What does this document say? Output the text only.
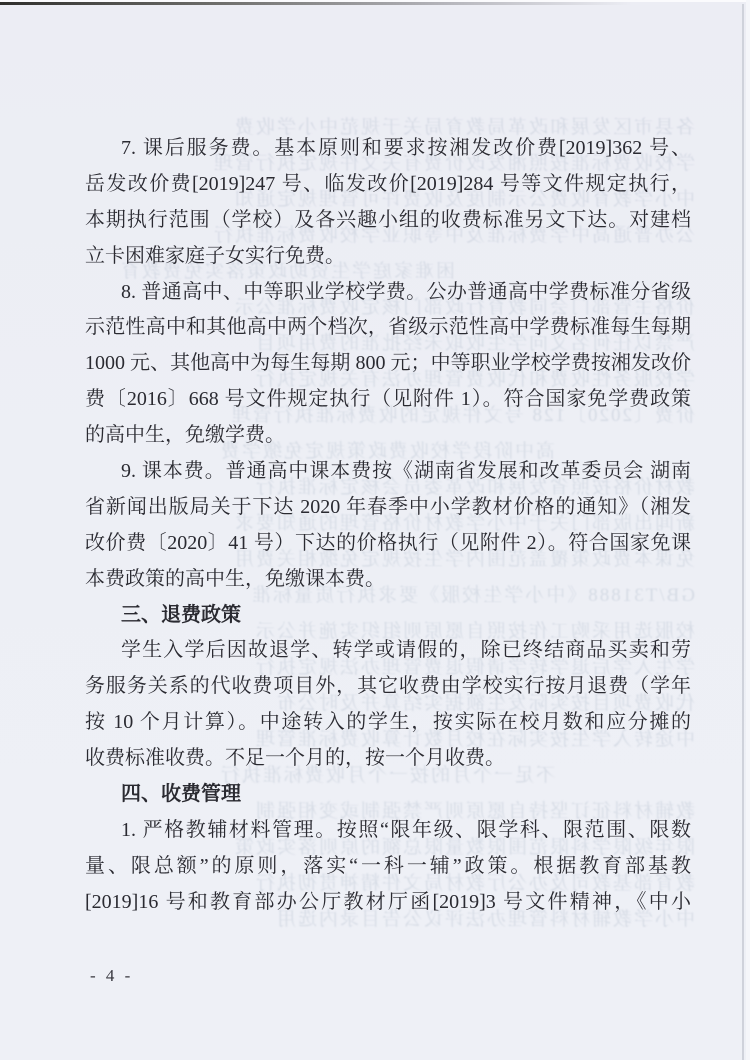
各县市区发展和改革局教育局关于规范中小学收费
学校收费标准按照湘发改价费有关文件规定执行管理
中小学教育收费公示制度及收费许可管理规定通知
公办普通高中学费标准及中等职业学校收费标准执行
困难家庭学生资助政策落实免费教育
价格主管部门会同教育行政部门核定收费标准公示
严禁以任何名义向学生收取未经批准的费用项目
学校服务性收费和代收费管理办法有关规定执行
价费〔2020〕128 号文件规定的收费标准执行管理
高中阶段学校收费政策规定免缴学费
教材价格按照省发展和改革委员会核定标准执行
新闻出版部门关于中小学教材价格管理的通知要求
免课本费政策覆盖范围内学生按规定免缴相关费用
GB/T31888《中小学生校服》要求执行质量标准
校服选用采购工作按照自愿原则组织实施并公示
学生入学后退学转学请假退费管理办法规定执行
代收费项目按实际发生额据实结算并及时公布
中途转入学生按实际在校月数计算收费标准管理
不足一个月的按一个月收费标准执行
教辅材料征订坚持自愿原则严禁强制或变相强制
限年级限学科限范围限数量限总额的原则落实政策
教育部基教司及办公厅教材局文件精神贯彻执行
中小学教辅材料管理办法评议公告目录内选用
7. 课后服务费。基本原则和要求按湘发改价费[2019]362 号、
岳发改价费[2019]247 号、临发改价[2019]284 号等文件规定执行，
本期执行范围（学校）及各兴趣小组的收费标准另文下达。对建档
立卡困难家庭子女实行免费。
8. 普通高中、中等职业学校学费。公办普通高中学费标准分省级
示范性高中和其他高中两个档次，省级示范性高中学费标准每生每期
1000 元、其他高中为每生每期 800 元；中等职业学校学费按湘发改价
费〔2016〕668 号文件规定执行（见附件 1）。符合国家免学费政策
的高中生，免缴学费。
9. 课本费。普通高中课本费按《湖南省发展和改革委员会 湖南
省新闻出版局关于下达 2020 年春季中小学教材价格的通知》（湘发
改价费〔2020〕41 号）下达的价格执行（见附件 2）。符合国家免课
本费政策的高中生，免缴课本费。
三、退费政策
学生入学后因故退学、转学或请假的，除已终结商品买卖和劳
务服务关系的代收费项目外，其它收费由学校实行按月退费（学年
按 10 个月计算）。中途转入的学生，按实际在校月数和应分摊的
收费标准收费。不足一个月的，按一个月收费。
四、收费管理
1. 严格教辅材料管理。按照“限年级、限学科、限范围、限数
量、限总额”的原则，落实“一科一辅”政策。根据教育部基教
[2019]16 号和教育部办公厅教材厅函[2019]3 号文件精神，《中小
- 4 -
